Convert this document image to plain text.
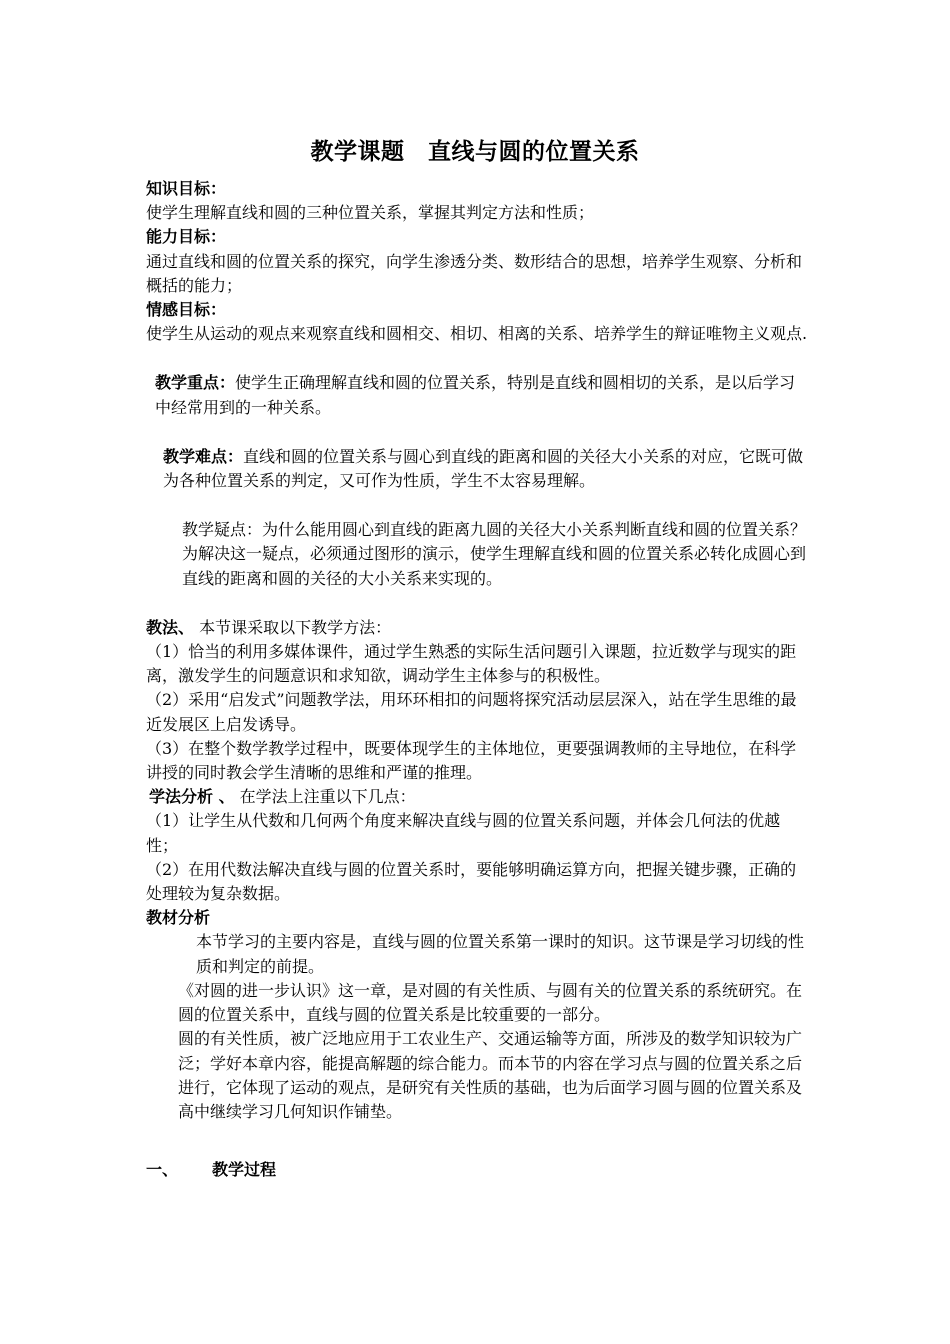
教学课题　直线与圆的位置关系

知识目标：

使学生理解直线和圆的三种位置关系，掌握其判定方法和性质；

能力目标：

通过直线和圆的位置关系的探究，向学生渗透分类、数形结合的思想，培养学生观察、分析和概括的能力；

情感目标：

使学生从运动的观点来观察直线和圆相交、相切、相离的关系、培养学生的辩证唯物主义观点.

教学重点：使学生正确理解直线和圆的位置关系，特别是直线和圆相切的关系，是以后学习中经常用到的一种关系。

教学难点：直线和圆的位置关系与圆心到直线的距离和圆的关径大小关系的对应，它既可做为各种位置关系的判定，又可作为性质，学生不太容易理解。

教学疑点：为什么能用圆心到直线的距离九圆的关径大小关系判断直线和圆的位置关系？为解决这一疑点，必须通过图形的演示，使学生理解直线和圆的位置关系必转化成圆心到直线的距离和圆的关径的大小关系来实现的。

教法、 本节课采取以下教学方法：

（1）恰当的利用多媒体课件，通过学生熟悉的实际生活问题引入课题，拉近数学与现实的距离，激发学生的问题意识和求知欲，调动学生主体参与的积极性。

（2）采用“启发式”问题教学法，用环环相扣的问题将探究活动层层深入，站在学生思维的最近发展区上启发诱导。

（3）在整个数学教学过程中，既要体现学生的主体地位，更要强调教师的主导地位，在科学讲授的同时教会学生清晰的思维和严谨的推理。

学法分析 、 在学法上注重以下几点：

（1）让学生从代数和几何两个角度来解决直线与圆的位置关系问题，并体会几何法的优越性；

（2）在用代数法解决直线与圆的位置关系时，要能够明确运算方向，把握关键步骤，正确的处理较为复杂数据。

教材分析

本节学习的主要内容是，直线与圆的位置关系第一课时的知识。这节课是学习切线的性质和判定的前提。

《对圆的进一步认识》这一章，是对圆的有关性质、与圆有关的位置关系的系统研究。在圆的位置关系中，直线与圆的位置关系是比较重要的一部分。

圆的有关性质，被广泛地应用于工农业生产、交通运输等方面，所涉及的数学知识较为广泛；学好本章内容，能提高解题的综合能力。而本节的内容在学习点与圆的位置关系之后进行，它体现了运动的观点，是研究有关性质的基础，也为后面学习圆与圆的位置关系及高中继续学习几何知识作铺垫。

一、 教学过程
